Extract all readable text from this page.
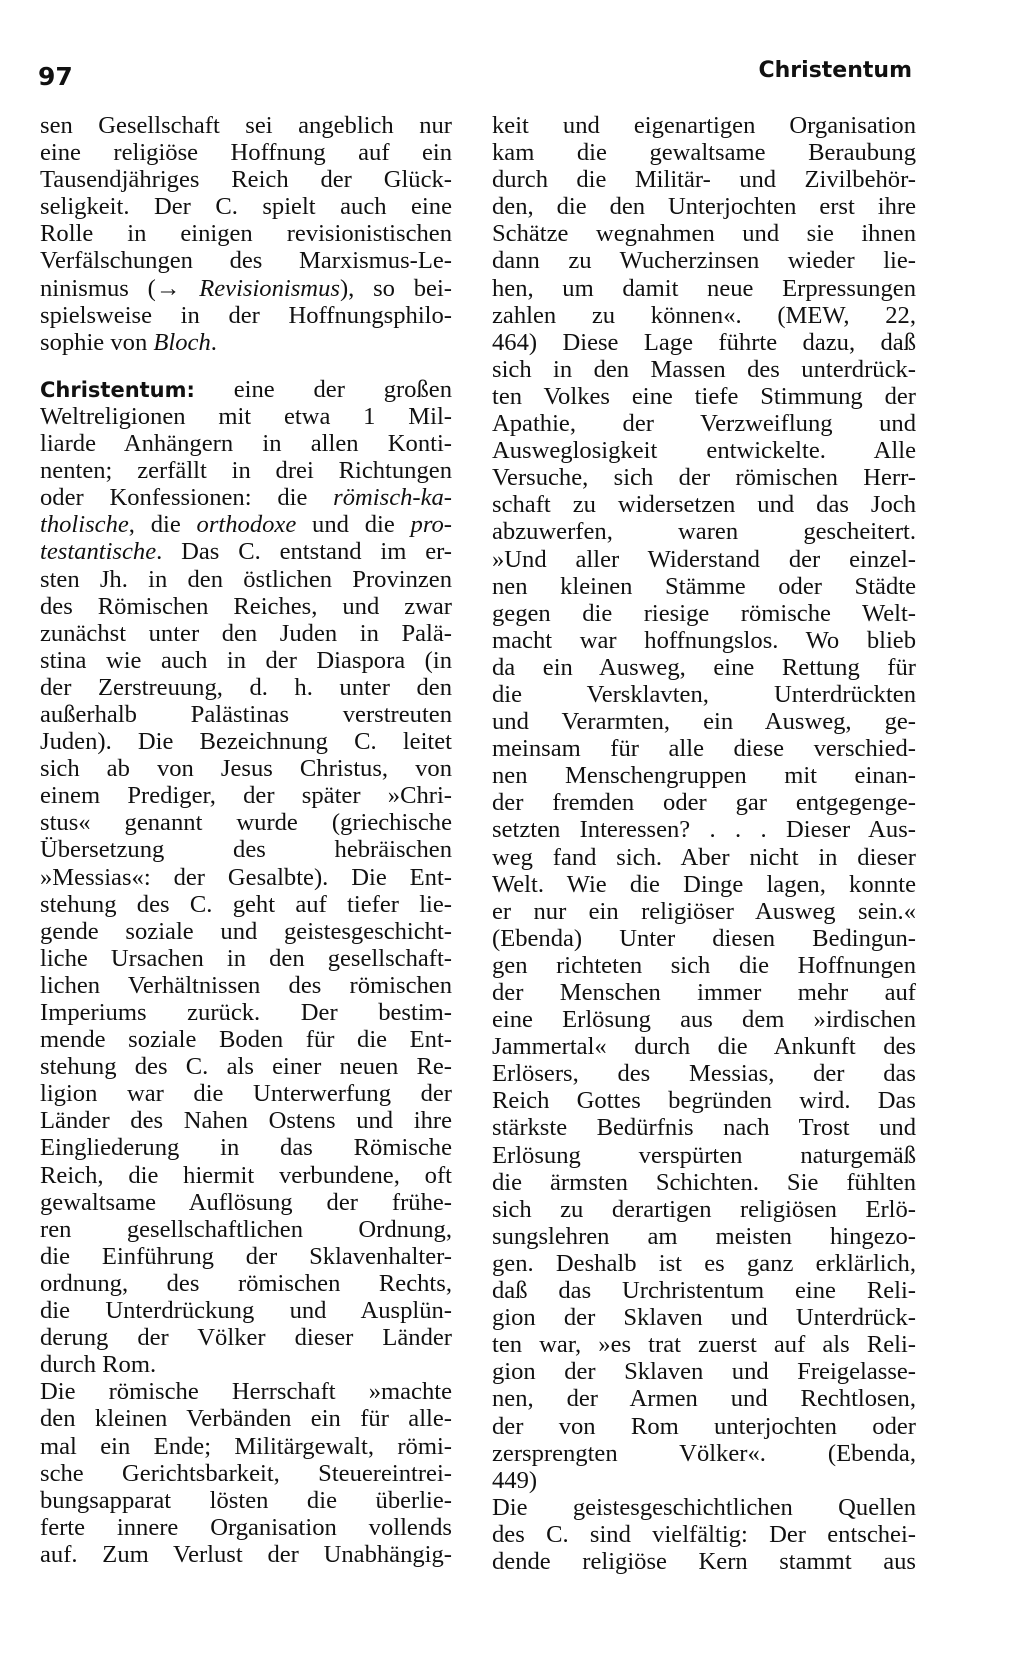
97	Christentum
sen Gesellschaft sei angeblich nur
eine religiöse Hoffnung auf ein
Tausendjähriges Reich der Glück-
seligkeit. Der C. spielt auch eine
Rolle in einigen revisionistischen
Verfälschungen des Marxismus-Le-
ninismus (→ Revisionismus), so bei-
spielsweise in der Hoffnungsphilo-
sophie von Bloch.
Christentum: eine der großen
Weltreligionen mit etwa 1 Mil-
liarde Anhängern in allen Konti-
nenten; zerfällt in drei Richtungen
oder Konfessionen: die römisch-ka-
tholische, die orthodoxe und die pro-
testantische. Das C. entstand im er-
sten Jh. in den östlichen Provinzen
des Römischen Reiches, und zwar
zunächst unter den Juden in Palä-
stina wie auch in der Diaspora (in
der Zerstreuung, d. h. unter den
außerhalb Palästinas verstreuten
Juden). Die Bezeichnung C. leitet
sich ab von Jesus Christus, von
einem Prediger, der später »Chri-
stus« genannt wurde (griechische
Übersetzung des hebräischen
»Messias«: der Gesalbte). Die Ent-
stehung des C. geht auf tiefer lie-
gende soziale und geistesgeschicht-
liche Ursachen in den gesellschaft-
lichen Verhältnissen des römischen
Imperiums zurück. Der bestim-
mende soziale Boden für die Ent-
stehung des C. als einer neuen Re-
ligion war die Unterwerfung der
Länder des Nahen Ostens und ihre
Eingliederung in das Römische
Reich, die hiermit verbundene, oft
gewaltsame Auflösung der frühe-
ren gesellschaftlichen Ordnung,
die Einführung der Sklavenhalter-
ordnung, des römischen Rechts,
die Unterdrückung und Ausplün-
derung der Völker dieser Länder
durch Rom.
Die römische Herrschaft »machte
den kleinen Verbänden ein für alle-
mal ein Ende; Militärgewalt, römi-
sche Gerichtsbarkeit, Steuereintrei-
bungsapparat lösten die überlie-
ferte innere Organisation vollends
auf. Zum Verlust der Unabhängig-
keit und eigenartigen Organisation
kam die gewaltsame Beraubung
durch die Militär- und Zivilbehör-
den, die den Unterjochten erst ihre
Schätze wegnahmen und sie ihnen
dann zu Wucherzinsen wieder lie-
hen, um damit neue Erpressungen
zahlen zu können«. (MEW, 22,
464) Diese Lage führte dazu, daß
sich in den Massen des unterdrück-
ten Volkes eine tiefe Stimmung der
Apathie, der Verzweiflung und
Ausweglosigkeit entwickelte. Alle
Versuche, sich der römischen Herr-
schaft zu widersetzen und das Joch
abzuwerfen, waren gescheitert.
»Und aller Widerstand der einzel-
nen kleinen Stämme oder Städte
gegen die riesige römische Welt-
macht war hoffnungslos. Wo blieb
da ein Ausweg, eine Rettung für
die Versklavten, Unterdrückten
und Verarmten, ein Ausweg, ge-
meinsam für alle diese verschied-
nen Menschengruppen mit einan-
der fremden oder gar entgegenge-
setzten Interessen? . . . Dieser Aus-
weg fand sich. Aber nicht in dieser
Welt. Wie die Dinge lagen, konnte
er nur ein religiöser Ausweg sein.«
(Ebenda) Unter diesen Bedingun-
gen richteten sich die Hoffnungen
der Menschen immer mehr auf
eine Erlösung aus dem »irdischen
Jammertal« durch die Ankunft des
Erlösers, des Messias, der das
Reich Gottes begründen wird. Das
stärkste Bedürfnis nach Trost und
Erlösung verspürten naturgemäß
die ärmsten Schichten. Sie fühlten
sich zu derartigen religiösen Erlö-
sungslehren am meisten hingezo-
gen. Deshalb ist es ganz erklärlich,
daß das Urchristentum eine Reli-
gion der Sklaven und Unterdrück-
ten war, »es trat zuerst auf als Reli-
gion der Sklaven und Freigelasse-
nen, der Armen und Rechtlosen,
der von Rom unterjochten oder
zersprengten Völker«. (Ebenda,
449)
Die geistesgeschichtlichen Quellen
des C. sind vielfältig: Der entschei-
dende religiöse Kern stammt aus
